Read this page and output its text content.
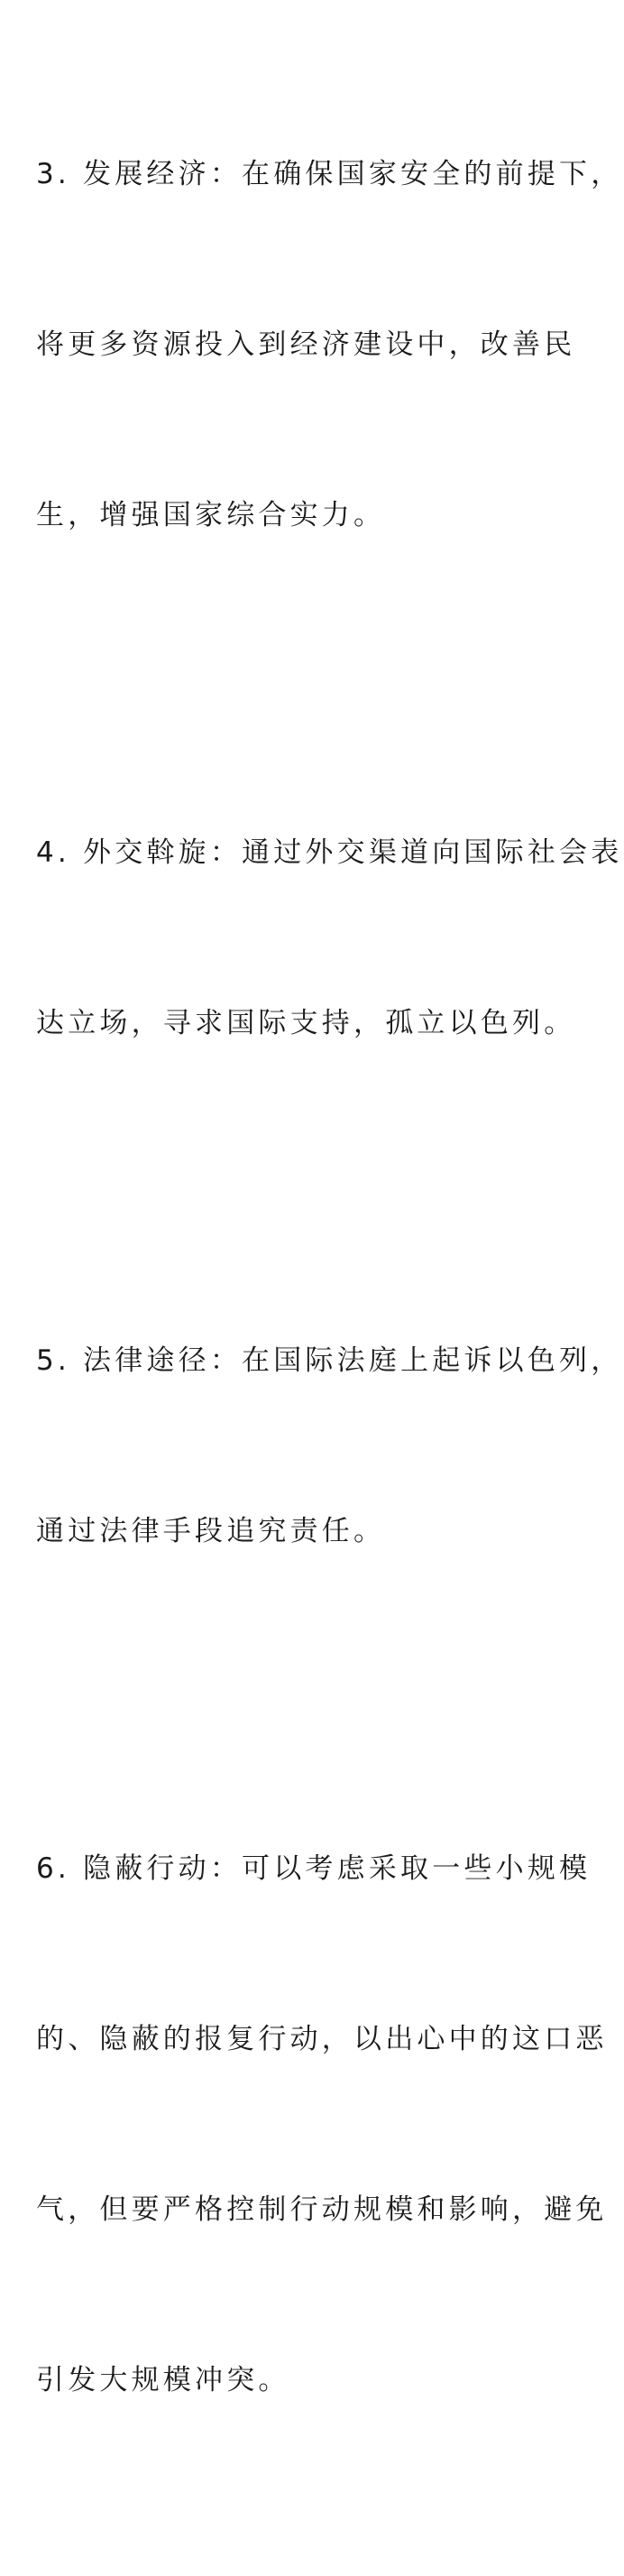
3. 发展经济：在确保国家安全的前提下，

将更多资源投入到经济建设中，改善民

生，增强国家综合实力。

4. 外交斡旋：通过外交渠道向国际社会表

达立场，寻求国际支持，孤立以色列。

5. 法律途径：在国际法庭上起诉以色列，

通过法律手段追究责任。

6. 隐蔽行动：可以考虑采取一些小规模

的、隐蔽的报复行动，以出心中的这口恶

气，但要严格控制行动规模和影响，避免

引发大规模冲突。
